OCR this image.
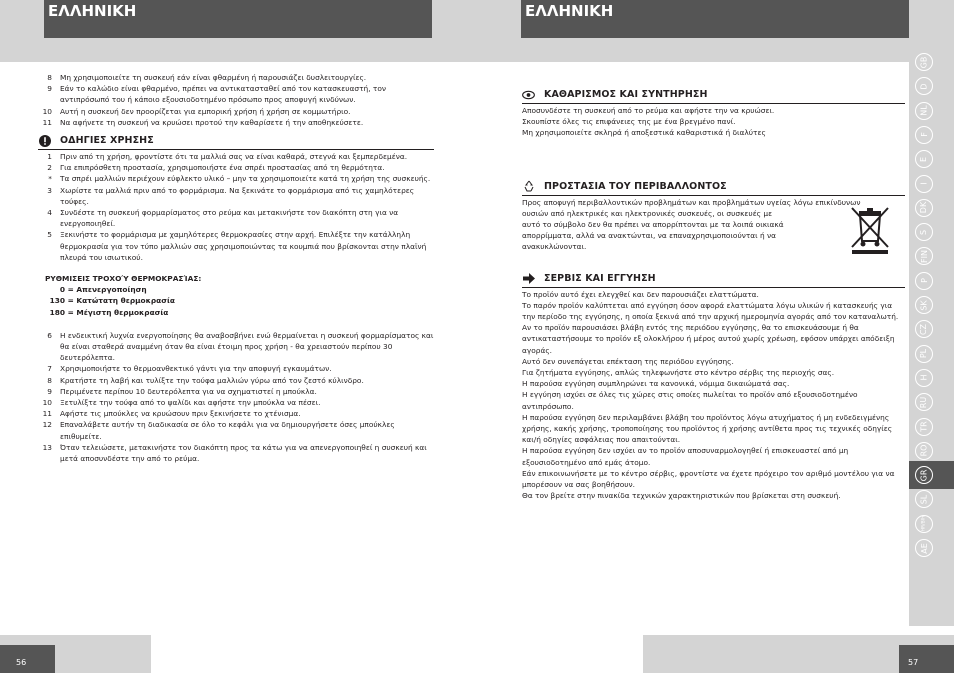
ΕΛΛΗΝΙΚΗ
8 Μη χρησιμοποιείτε τη συσκευή εάν είναι φθαρμένη ή παρουσιάζει δυσλειτουργίες.
9 Εάν το καλώδιο είναι φθαρμένο, πρέπει να αντικατασταθεί από τον κατασκευαστή, τον αντιπρόσωπό του ή κάποιο εξουσιοδοτημένο πρόσωπο προς αποφυγή κινδύνων.
10 Αυτή η συσκευή δεν προορίζεται για εμπορική χρήση ή χρήση σε κομμωτήριο.
11 Να αφήνετε τη συσκευή να κρυώσει προτού την καθαρίσετε ή την αποθηκεύσετε.
ΟΔΗΓΙΕΣ ΧΡΗΣΗΣ
1 Πριν από τη χρήση, φροντίστε ότι τα μαλλιά σας να είναι καθαρά, στεγνά και ξεμπερδεμένα.
2 Για επιπρόσθετη προστασία, χρησιμοποιήστε ένα σπρέι προστασίας από τη θερμότητα.
* Τα σπρέι μαλλιών περιέχουν εύφλεκτο υλικό – μην τα χρησιμοποιείτε κατά τη χρήση της συσκευής.
3 Χωρίστε τα μαλλιά πριν από το φορμάρισμα. Να ξεκινάτε το φορμάρισμα από τις χαμηλότερες τούφες.
4 Συνδέστε τη συσκευή φορμαρίσματος στο ρεύμα και μετακινήστε τον διακόπτη στη για να ενεργοποιηθεί.
5 Ξεκινήστε το φορμάρισμα με χαμηλότερες θερμοκρασίες στην αρχή. Επιλέξτε την κατάλληλη θερμοκρασία για τον τύπο μαλλιών σας χρησιμοποιώντας τα κουμπιά που βρίσκονται στην πλαϊνή πλευρά του ισιωτικού.
ΡΥΘΜΙΣΕΙΣ ΤΡΟΧΟΎ ΘΕΡΜΟΚΡΑΣΊΑΣ:
0 = Απενεργοποίηση
130 = Κατώτατη θερμοκρασία
180 = Μέγιστη θερμοκρασία
6 Η ενδεικτική λυχνία ενεργοποίησης θα αναβοσβήνει ενώ θερμαίνεται η συσκευή φορμαρίσματος και θα είναι σταθερά αναμμένη όταν θα είναι έτοιμη προς χρήση - θα χρειαστούν περίπου 30 δευτερόλεπτα.
7 Χρησιμοποιήστε το θερμοανθεκτικό γάντι για την αποφυγή εγκαυμάτων.
8 Κρατήστε τη λαβή και τυλίξτε την τούφα μαλλιών γύρω από τον ζεστό κύλινδρο.
9 Περιμένετε περίπου 10 δευτερόλεπτα για να σχηματιστεί η μπούκλα.
10 Ξετυλίξτε την τούφα από το ψαλίδι και αφήστε την μπούκλα να πέσει.
11 Αφήστε τις μπούκλες να κρυώσουν πριν ξεκινήσετε το χτένισμα.
12 Επαναλάβετε αυτήν τη διαδικασία σε όλο το κεφάλι για να δημιουργήσετε όσες μπούκλες επιθυμείτε.
13 Όταν τελειώσετε, μετακινήστε τον διακόπτη προς τα κάτω για να απενεργοποιηθεί η συσκευή και μετά αποσυνδέστε την από το ρεύμα.
56
ΕΛΛΗΝΙΚΗ
ΚΑΘΑΡΙΣΜΟΣ ΚΑΙ ΣΥΝΤΗΡΗΣΗ

Αποσυνδέστε τη συσκευή από το ρεύμα και αφήστε την να κρυώσει.

Σκουπίστε όλες τις επιφάνειες της με ένα βρεγμένο πανί.

Μη χρησιμοποιείτε σκληρά ή αποξεστικά καθαριστικά ή διαλύτες

ΠΡΟΣΤΑΣΙΑ ΤΟΥ ΠΕΡΙΒΑΛΛΟΝΤΟΣ
Προς αποφυγή περιβαλλοντικών προβλημάτων και προβλημάτων υγείας λόγω επικίνδυνων

ουσιών από ηλεκτρικές και ηλεκτρονικές συσκευές, οι συσκευές με

αυτό το σύμβολο δεν θα πρέπει να απορρίπτονται με τα λοιπά οικιακά

απορρίμματα, αλλά να ανακτώνται, να επαναχρησιμοποιούνται ή να

ανακυκλώνονται.

ΣΕΡΒΙΣ ΚΑΙ ΕΓΓΥΗΣΗ

Το προϊόν αυτό έχει ελεγχθεί και δεν παρουσιάζει ελαττώματα.

Το παρόν προϊόν καλύπτεται από εγγύηση όσον αφορά ελαττώματα λόγω υλικών ή κατασκευής για την περίοδο της εγγύησης, η οποία ξεκινά από την αρχική ημερομηνία αγοράς από τον καταναλωτή.

Αν το προϊόν παρουσιάσει βλάβη εντός της περιόδου εγγύησης, θα το επισκευάσουμε ή θα αντικαταστήσουμε το προϊόν εξ ολοκλήρου ή μέρος αυτού χωρίς χρέωση, εφόσον υπάρχει απόδειξη αγοράς.

Αυτό δεν συνεπάγεται επέκταση της περιόδου εγγύησης.

Για ζητήματα εγγύησης, απλώς τηλεφωνήστε στο κέντρο σέρβις της περιοχής σας.

Η παρούσα εγγύηση συμπληρώνει τα κανονικά, νόμιμα δικαιώματά σας.

Η εγγύηση ισχύει σε όλες τις χώρες στις οποίες πωλείται το προϊόν από εξουσιοδοτημένο αντιπρόσωπο.

Η παρούσα εγγύηση δεν περιλαμβάνει βλάβη του προϊόντος λόγω ατυχήματος ή μη ενδεδειγμένης χρήσης, κακής χρήσης, τροποποίησης του προϊόντος ή χρήσης αντίθετα προς τις τεχνικές οδηγίες και/ή οδηγίες ασφάλειας που απαιτούνται.

Η παρούσα εγγύηση δεν ισχύει αν το προϊόν αποσυναρμολογηθεί ή επισκευαστεί από μη εξουσιοδοτημένο από εμάς άτομο.

Εάν επικοινωνήσετε με το κέντρο σέρβις, φροντίστε να έχετε πρόχειρο τον αριθμό μοντέλου για να μπορέσουν να σας βοηθήσουν.

Θα τον βρείτε στην πινακίδα τεχνικών χαρακτηριστικών που βρίσκεται στη συσκευή.

GB
D
NL
F
E
I
DK
S
FIN
P
SK
CZ
PL
H
RU
TR
RO
GR
SL
HR/BIH
AE
57
